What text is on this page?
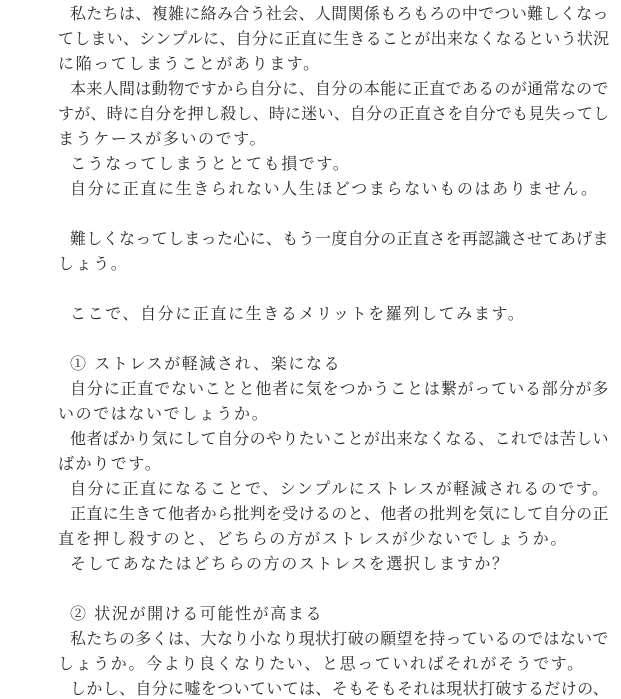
私たちは、複雑に絡み合う社会、人間関係もろもろの中でつい難しくなっ
てしまい、シンプルに、自分に正直に生きることが出来なくなるという状況
に陥ってしまうことがあります。
本来人間は動物ですから自分に、自分の本能に正直であるのが通常なので
すが、時に自分を押し殺し、時に迷い、自分の正直さを自分でも見失ってし
まうケースが多いのです。
こうなってしまうととても損です。
自分に正直に生きられない人生ほどつまらないものはありません。
難しくなってしまった心に、もう一度自分の正直さを再認識させてあげま
しょう。
ここで、自分に正直に生きるメリットを羅列してみます。
① ストレスが軽減され、楽になる
自分に正直でないことと他者に気をつかうことは繋がっている部分が多
いのではないでしょうか。
他者ばかり気にして自分のやりたいことが出来なくなる、これでは苦しい
ばかりです。
自分に正直になることで、シンプルにストレスが軽減されるのです。
正直に生きて他者から批判を受けるのと、他者の批判を気にして自分の正
直を押し殺すのと、どちらの方がストレスが少ないでしょうか。
そしてあなたはどちらの方のストレスを選択しますか？
② 状況が開ける可能性が高まる
私たちの多くは、大なり小なり現状打破の願望を持っているのではないで
しょうか。今より良くなりたい、と思っていればそれがそうです。
しかし、自分に嘘をついていては、そもそもそれは現状打破するだけの、
